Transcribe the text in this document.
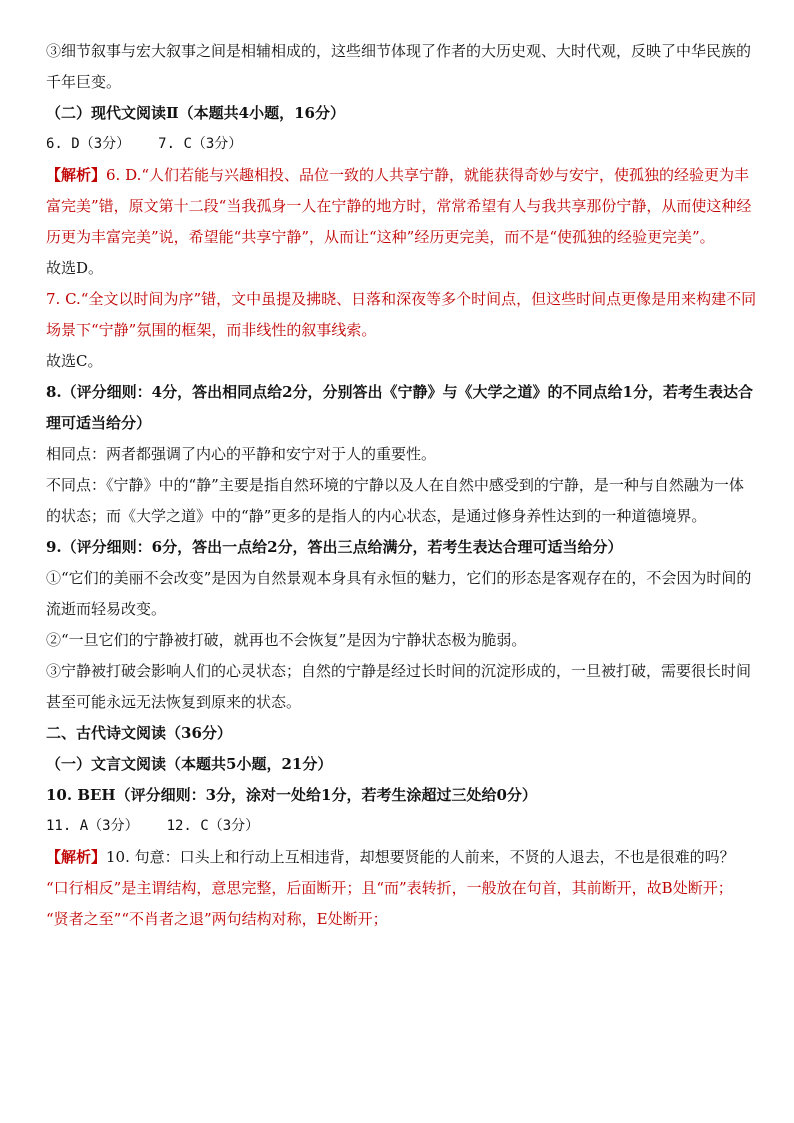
③细节叙事与宏大叙事之间是相辅相成的，这些细节体现了作者的大历史观、大时代观，反映了中华民族的千年巨变。

（二）现代文阅读Ⅱ（本题共4小题，16分）

6. D（3分） 7. C（3分）

【解析】6. D.“人们若能与兴趣相投、品位一致的人共享宁静，就能获得奇妙与安宁，使孤独的经验更为丰富完美”错，原文第十二段“当我孤身一人在宁静的地方时，常常希望有人与我共享那份宁静，从而使这种经历更为丰富完美”说，希望能“共享宁静”，从而让“这种”经历更完美，而不是“使孤独的经验更完美”。

故选D。

7. C.“全文以时间为序”错，文中虽提及拂晓、日落和深夜等多个时间点，但这些时间点更像是用来构建不同场景下“宁静”氛围的框架，而非线性的叙事线索。

故选C。

8.（评分细则：4分，答出相同点给2分，分别答出《宁静》与《大学之道》的不同点给1分，若考生表达合理可适当给分）

相同点：两者都强调了内心的平静和安宁对于人的重要性。

不同点：《宁静》中的“静”主要是指自然环境的宁静以及人在自然中感受到的宁静，是一种与自然融为一体的状态；而《大学之道》中的“静”更多的是指人的内心状态，是通过修身养性达到的一种道德境界。

9.（评分细则：6分，答出一点给2分，答出三点给满分，若考生表达合理可适当给分）

①“它们的美丽不会改变”是因为自然景观本身具有永恒的魅力，它们的形态是客观存在的，不会因为时间的流逝而轻易改变。

②“一旦它们的宁静被打破，就再也不会恢复”是因为宁静状态极为脆弱。

③宁静被打破会影响人们的心灵状态；自然的宁静是经过长时间的沉淀形成的，一旦被打破，需要很长时间甚至可能永远无法恢复到原来的状态。

二、古代诗文阅读（36分）

（一）文言文阅读（本题共5小题，21分）

10. BEH（评分细则：3分，涂对一处给1分，若考生涂超过三处给0分）

11. A（3分） 12. C（3分）

【解析】10. 句意：口头上和行动上互相违背，却想要贤能的人前来，不贤的人退去，不也是很难的吗？

“口行相反”是主谓结构，意思完整，后面断开；且“而”表转折，一般放在句首，其前断开，故B处断开；

“贤者之至”“不肖者之退”两句结构对称，E处断开；
